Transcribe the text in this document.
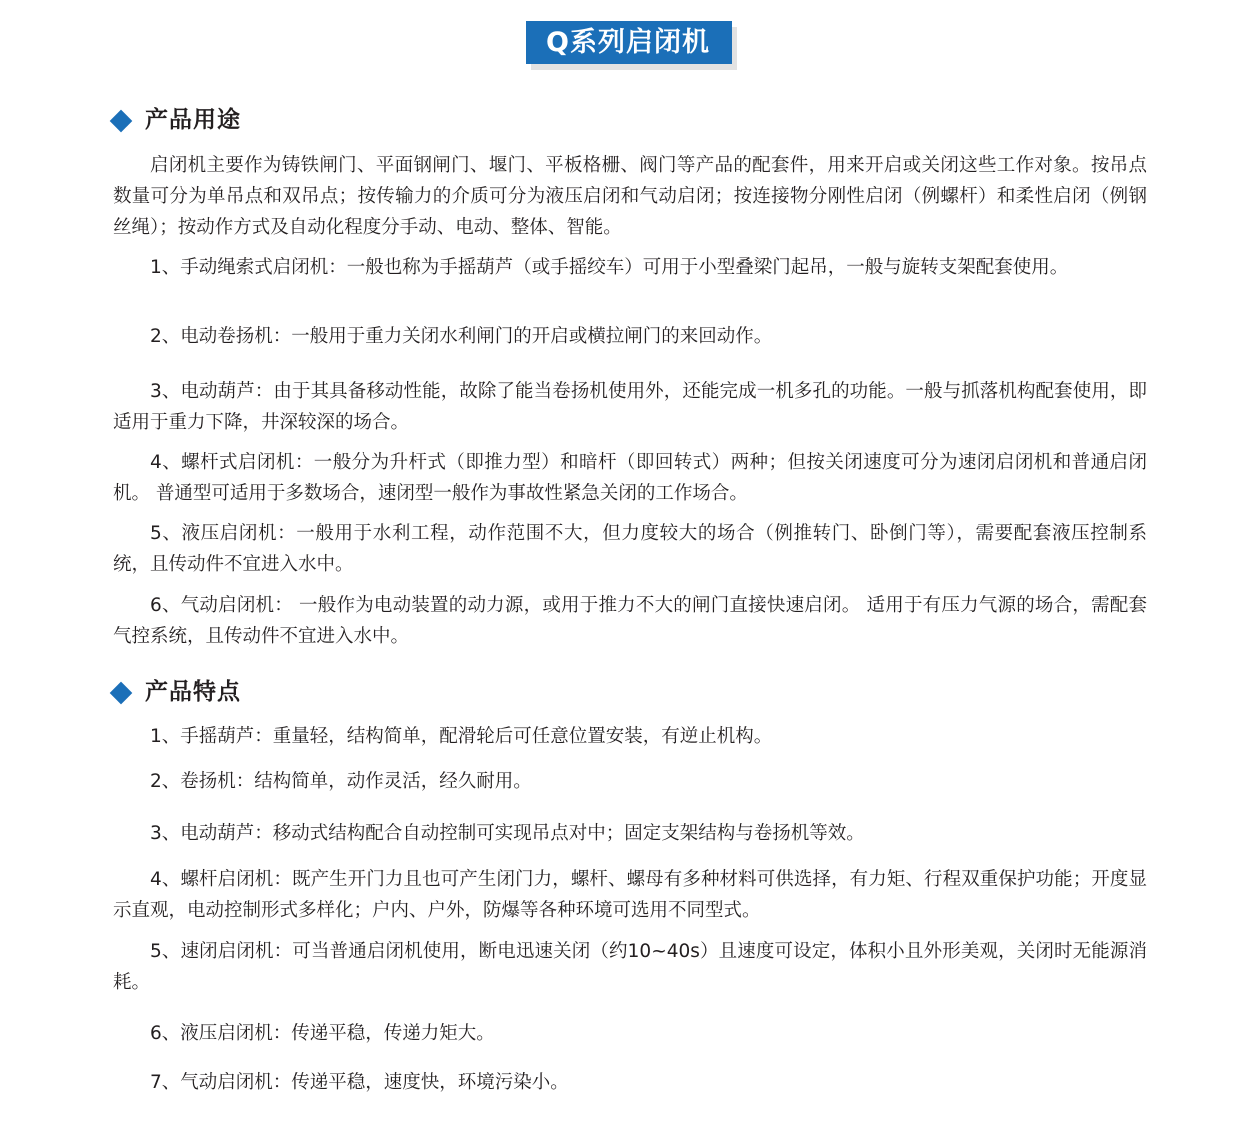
Q系列启闭机
产品用途
启闭机主要作为铸铁闸门、平面钢闸门、堰门、平板格栅、阀门等产品的配套件，用来开启或关闭这些工作对象。按吊点数量可分为单吊点和双吊点；按传输力的介质可分为液压启闭和气动启闭；按连接物分刚性启闭（例螺杆）和柔性启闭（例钢丝绳）；按动作方式及自动化程度分手动、电动、整体、智能。
1、手动绳索式启闭机：一般也称为手摇葫芦（或手摇绞车）可用于小型叠梁门起吊，一般与旋转支架配套使用。
2、电动卷扬机：一般用于重力关闭水利闸门的开启或横拉闸门的来回动作。
3、电动葫芦：由于其具备移动性能，故除了能当卷扬机使用外，还能完成一机多孔的功能。一般与抓落机构配套使用，即适用于重力下降，井深较深的场合。
4、螺杆式启闭机：一般分为升杆式（即推力型）和暗杆（即回转式）两种；但按关闭速度可分为速闭启闭机和普通启闭机。 普通型可适用于多数场合，速闭型一般作为事故性紧急关闭的工作场合。
5、液压启闭机：一般用于水利工程，动作范围不大，但力度较大的场合（例推转门、卧倒门等），需要配套液压控制系统，且传动件不宜进入水中。
6、气动启闭机： 一般作为电动装置的动力源，或用于推力不大的闸门直接快速启闭。 适用于有压力气源的场合，需配套气控系统，且传动件不宜进入水中。
产品特点
1、手摇葫芦：重量轻，结构简单，配滑轮后可任意位置安装，有逆止机构。
2、卷扬机：结构简单，动作灵活，经久耐用。
3、电动葫芦：移动式结构配合自动控制可实现吊点对中；固定支架结构与卷扬机等效。
4、螺杆启闭机：既产生开门力且也可产生闭门力，螺杆、螺母有多种材料可供选择，有力矩、行程双重保护功能；开度显示直观，电动控制形式多样化；户内、户外，防爆等各种环境可选用不同型式。
5、速闭启闭机：可当普通启闭机使用，断电迅速关闭（约10~40s）且速度可设定，体积小且外形美观，关闭时无能源消耗。
6、液压启闭机：传递平稳，传递力矩大。
7、气动启闭机：传递平稳，速度快，环境污染小。
